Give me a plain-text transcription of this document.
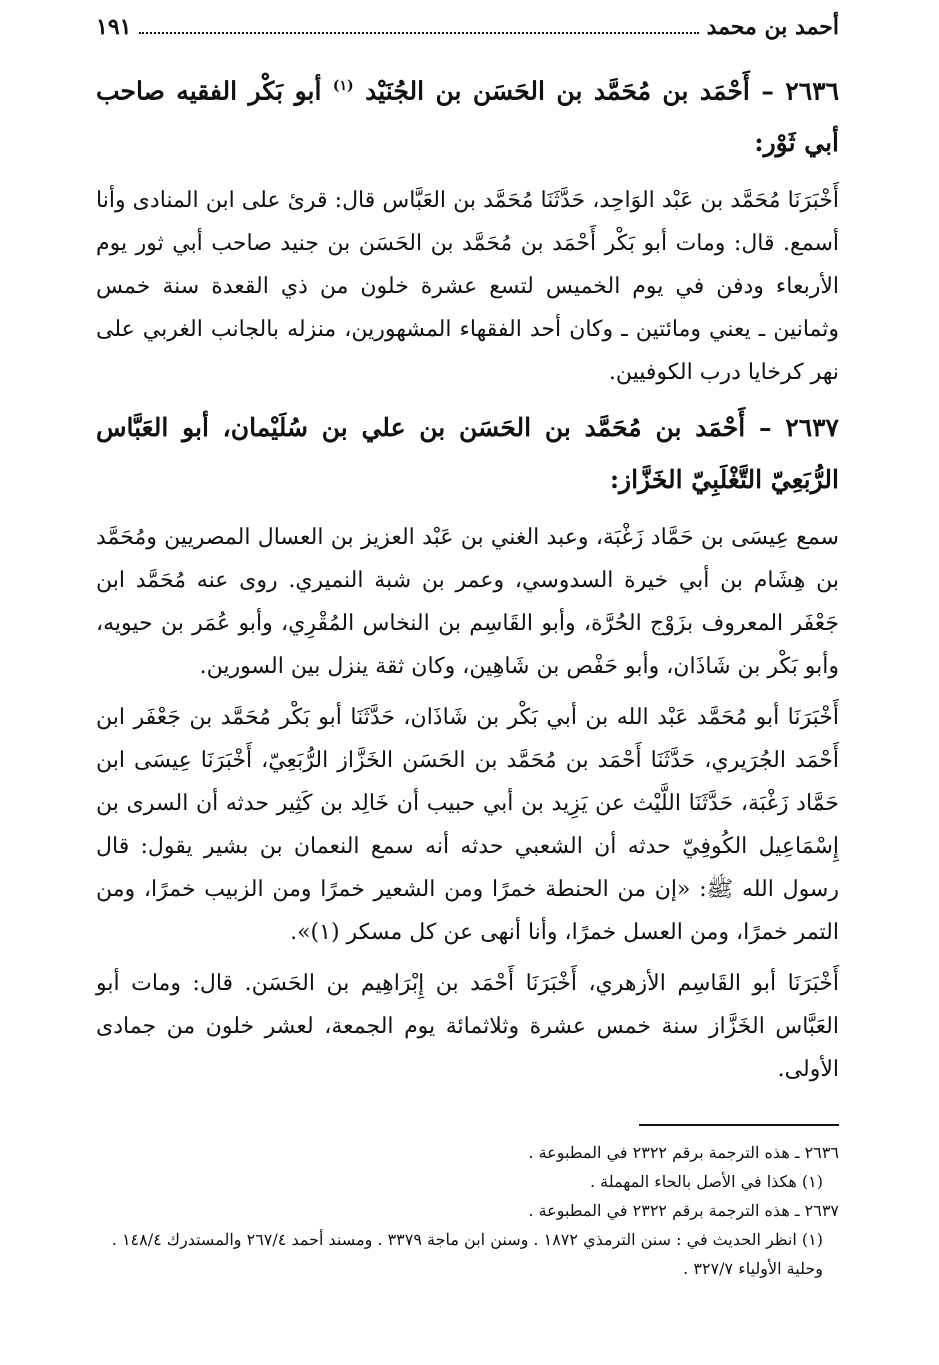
أحمد بن محمد
١٩١
٢٦٣٦ – أَحْمَد بن مُحَمَّد بن الحَسَن بن الجُنَيْد $^{(١)}$ أبو بَكْر الفقيه صاحب أبي ثَوْر:

أَخْبَرَنَا مُحَمَّد بن عَبْد الوَاحِد، حَدَّثَنَا مُحَمَّد بن العَبَّاس قال: قرئ على ابن المنادى وأنا أسمع. قال: ومات أبو بَكْر أَحْمَد بن مُحَمَّد بن الحَسَن بن جنيد صاحب أبي ثور يوم الأربعاء ودفن في يوم الخميس لتسع عشرة خلون من ذي القعدة سنة خمس وثمانين ـ يعني ومائتين ـ وكان أحد الفقهاء المشهورين، منزله بالجانب الغربي على نهر كرخايا درب الكوفيين.

٢٦٣٧ – أَحْمَد بن مُحَمَّد بن الحَسَن بن علي بن سُلَيْمان، أبو العَبَّاس الرُّبَعِيّ التَّغْلَبِيّ الخَزَّاز:

سمع عِيسَى بن حَمَّاد زَغْبَة، وعبد الغني بن عَبْد العزيز بن العسال المصريين ومُحَمَّد بن هِشَام بن أبي خيرة السدوسي، وعمر بن شبة النميري. روى عنه مُحَمَّد ابن جَعْفَر المعروف بزَوْج الحُرَّة، وأبو القَاسِم بن النخاس المُقْرِي، وأبو عُمَر بن حيويه، وأبو بَكْر بن شَاذَان، وأبو حَفْص بن شَاهِين، وكان ثقة ينزل بين السورين.

أَخْبَرَنَا أبو مُحَمَّد عَبْد الله بن أبي بَكْر بن شَاذَان، حَدَّثَنَا أبو بَكْر مُحَمَّد بن جَعْفَر ابن أَحْمَد الجُرَيري، حَدَّثَنَا أَحْمَد بن مُحَمَّد بن الحَسَن الخَزَّاز الرُّبَعِيّ، أَخْبَرَنَا عِيسَى ابن حَمَّاد زَغْبَة، حَدَّثَنَا اللَّيْث عن يَزِيد بن أبي حبيب أن خَالِد بن كَثِير حدثه أن السرى بن إِسْمَاعِيل الكُوفِيّ حدثه أن الشعبي حدثه أنه سمع النعمان بن بشير يقول: قال رسول الله ﷺ: «إن من الحنطة خمرًا ومن الشعير خمرًا ومن الزبيب خمرًا، ومن التمر خمرًا، ومن العسل خمرًا، وأنا أنهى عن كل مسكر (١)».

أَخْبَرَنَا أبو القَاسِم الأزهري، أَخْبَرَنَا أَحْمَد بن إِبْرَاهِيم بن الحَسَن. قال: ومات أبو العَبَّاس الخَزَّاز سنة خمس عشرة وثلاثمائة يوم الجمعة، لعشر خلون من جمادى الأولى.

٢٦٣٦ ـ هذه الترجمة برقم ٢٣٢٢ في المطبوعة .
(١) هكذا في الأصل بالحاء المهملة .
٢٦٣٧ ـ هذه الترجمة برقم ٢٣٢٢ في المطبوعة .
(١) انظر الحديث في : سنن الترمذي ١٨٧٢ . وسنن ابن ماجة ٣٣٧٩ . ومسند أحمد ٢٦٧/٤ والمستدرك ١٤٨/٤ . وحلية الأولياء ٣٢٧/٧ .
